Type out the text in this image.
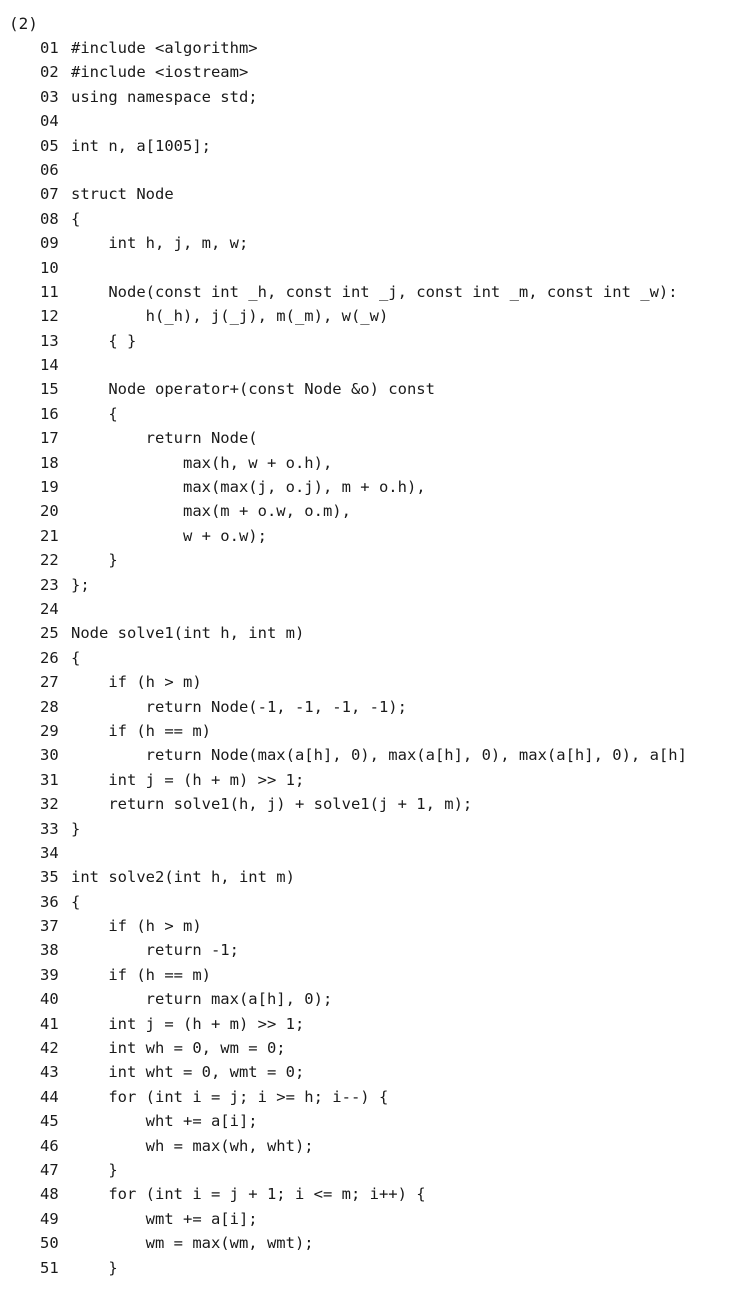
(2)
01 #include <algorithm>
02 #include <iostream>
03 using namespace std;
04
05 int n, a[1005];
06
07 struct Node
08 {
09    int h, j, m, w;
10
11    Node(const int _h, const int _j, const int _m, const int _w):
12        h(_h), j(_j), m(_m), w(_w)
13    { }
14
15    Node operator+(const Node &o) const
16    {
17        return Node(
18            max(h, w + o.h),
19            max(max(j, o.j), m + o.h),
20            max(m + o.w, o.m),
21            w + o.w);
22    }
23 };
24
25 Node solve1(int h, int m)
26 {
27    if (h > m)
28        return Node(-1, -1, -1, -1);
29    if (h == m)
30        return Node(max(a[h], 0), max(a[h], 0), max(a[h], 0), a[h]
31    int j = (h + m) >> 1;
32    return solve1(h, j) + solve1(j + 1, m);
33 }
34
35 int solve2(int h, int m)
36 {
37    if (h > m)
38        return -1;
39    if (h == m)
40        return max(a[h], 0);
41    int j = (h + m) >> 1;
42    int wh = 0, wm = 0;
43    int wht = 0, wmt = 0;
44    for (int i = j; i >= h; i--) {
45        wht += a[i];
46        wh = max(wh, wht);
47    }
48    for (int i = j + 1; i <= m; i++) {
49        wmt += a[i];
50        wm = max(wm, wmt);
51    }
